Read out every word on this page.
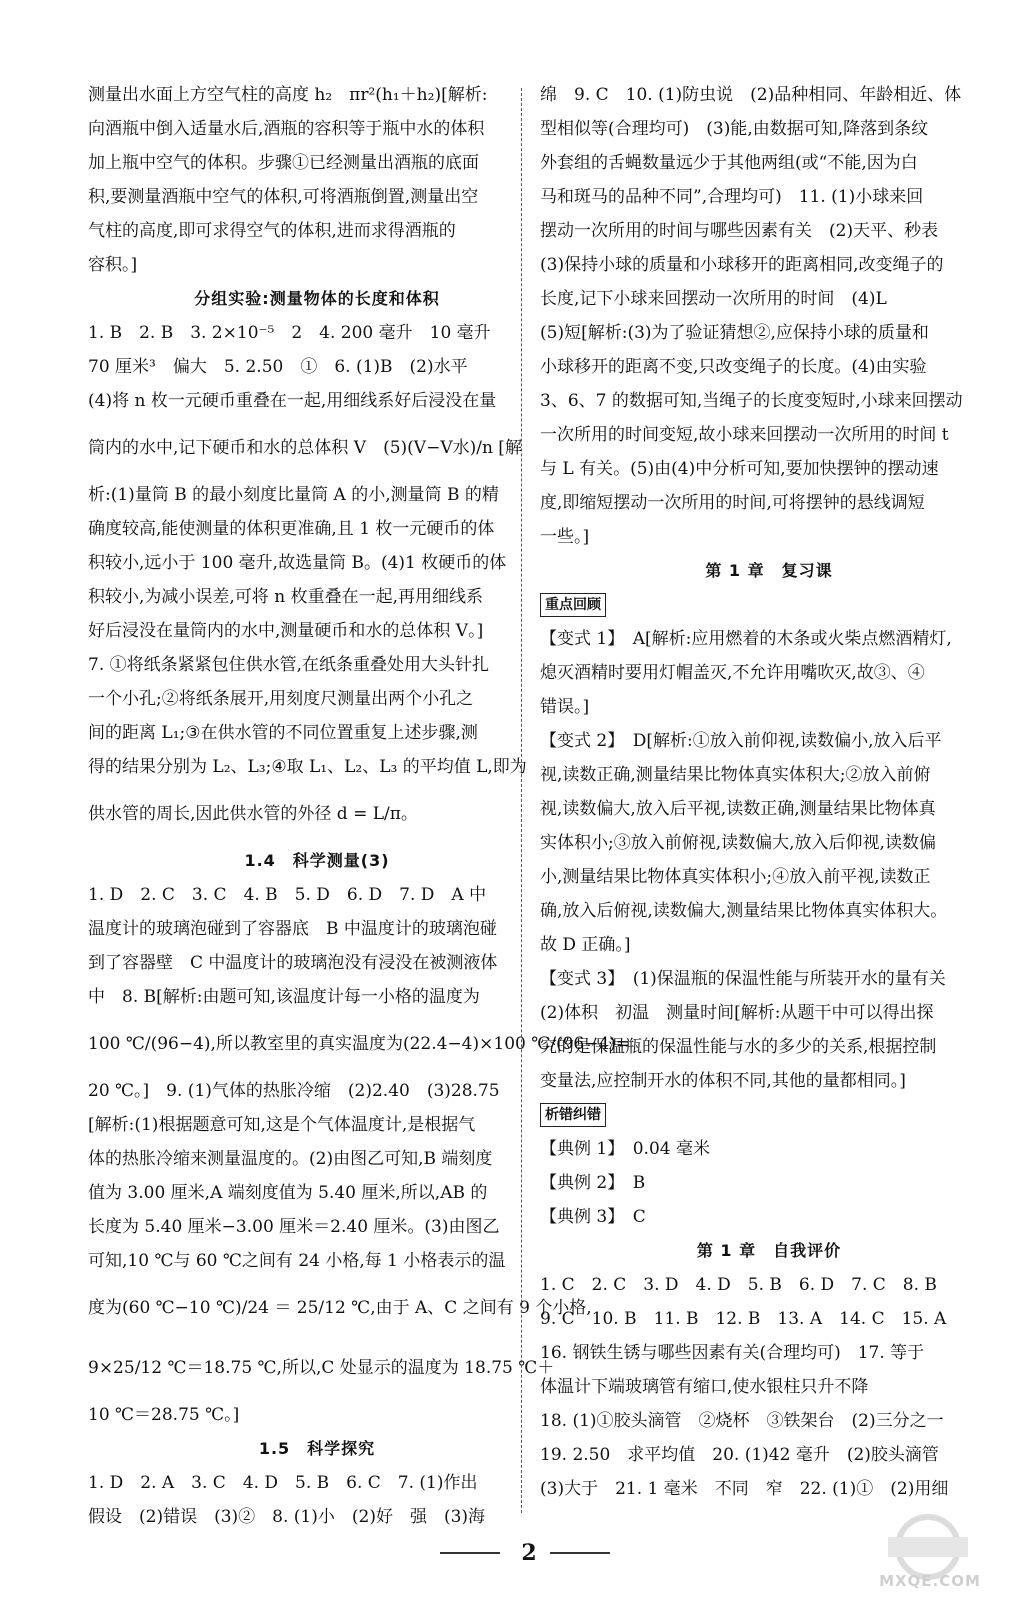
测量出水面上方空气柱的高度 h₂　πr²(h₁＋h₂)[解析:
向酒瓶中倒入适量水后,酒瓶的容积等于瓶中水的体积
加上瓶中空气的体积。步骤①已经测量出酒瓶的底面
积,要测量酒瓶中空气的体积,可将酒瓶倒置,测量出空
气柱的高度,即可求得空气的体积,进而求得酒瓶的
容积。]
分组实验:测量物体的长度和体积
1. B　2. B　3. 2×10⁻⁵　2　4. 200 毫升　10 毫升
70 厘米³　偏大　5. 2.50　①　6. (1)B　(2)水平
(4)将 n 枚一元硬币重叠在一起,用细线系好后浸没在量
筒内的水中,记下硬币和水的总体积 V　(5)(V−V水)/n [解
析:(1)量筒 B 的最小刻度比量筒 A 的小,测量筒 B 的精
确度较高,能使测量的体积更准确,且 1 枚一元硬币的体
积较小,远小于 100 毫升,故选量筒 B。(4)1 枚硬币的体
积较小,为减小误差,可将 n 枚重叠在一起,再用细线系
好后浸没在量筒内的水中,测量硬币和水的总体积 V。]
7. ①将纸条紧紧包住供水管,在纸条重叠处用大头针扎
一个小孔;②将纸条展开,用刻度尺测量出两个小孔之
间的距离 L₁;③在供水管的不同位置重复上述步骤,测
得的结果分别为 L₂、L₃;④取 L₁、L₂、L₃ 的平均值 L,即为
供水管的周长,因此供水管的外径 d = L/π。
1.4　科学测量(3)
1. D　2. C　3. C　4. B　5. D　6. D　7. D　A 中
温度计的玻璃泡碰到了容器底　B 中温度计的玻璃泡碰
到了容器壁　C 中温度计的玻璃泡没有浸没在被测液体
中　8. B[解析:由题可知,该温度计每一小格的温度为
100 ℃/(96−4),所以教室里的真实温度为(22.4−4)×100 ℃/(96−4)=
20 ℃。]　9. (1)气体的热胀冷缩　(2)2.40　(3)28.75
[解析:(1)根据题意可知,这是个气体温度计,是根据气
体的热胀冷缩来测量温度的。(2)由图乙可知,B 端刻度
值为 3.00 厘米,A 端刻度值为 5.40 厘米,所以,AB 的
长度为 5.40 厘米−3.00 厘米＝2.40 厘米。(3)由图乙
可知,10 ℃与 60 ℃之间有 24 小格,每 1 小格表示的温
度为(60 ℃−10 ℃)/24 ＝ 25/12 ℃,由于 A、C 之间有 9 个小格,
9×25/12 ℃＝18.75 ℃,所以,C 处显示的温度为 18.75 ℃＋
10 ℃＝28.75 ℃。]
1.5　科学探究
1. D　2. A　3. C　4. D　5. B　6. C　7. (1)作出
假设　(2)错误　(3)②　8. (1)小　(2)好　强　(3)海
绵　9. C　10. (1)防虫说　(2)品种相同、年龄相近、体
型相似等(合理均可)　(3)能,由数据可知,降落到条纹
外套组的舌蝇数量远少于其他两组(或“不能,因为白
马和斑马的品种不同”,合理均可)　11. (1)小球来回
摆动一次所用的时间与哪些因素有关　(2)天平、秒表
(3)保持小球的质量和小球移开的距离相同,改变绳子的
长度,记下小球来回摆动一次所用的时间　(4)L
(5)短[解析:(3)为了验证猜想②,应保持小球的质量和
小球移开的距离不变,只改变绳子的长度。(4)由实验
3、6、7 的数据可知,当绳子的长度变短时,小球来回摆动
一次所用的时间变短,故小球来回摆动一次所用的时间 t
与 L 有关。(5)由(4)中分析可知,要加快摆钟的摆动速
度,即缩短摆动一次所用的时间,可将摆钟的悬线调短
一些。]
第 1 章　复习课
重点回顾
【变式 1】　A[解析:应用燃着的木条或火柴点燃酒精灯,
熄灭酒精时要用灯帽盖灭,不允许用嘴吹灭,故③、④
错误。]
【变式 2】　D[解析:①放入前仰视,读数偏小,放入后平
视,读数正确,测量结果比物体真实体积大;②放入前俯
视,读数偏大,放入后平视,读数正确,测量结果比物体真
实体积小;③放入前俯视,读数偏大,放入后仰视,读数偏
小,测量结果比物体真实体积小;④放入前平视,读数正
确,放入后俯视,读数偏大,测量结果比物体真实体积大。
故 D 正确。]
【变式 3】　(1)保温瓶的保温性能与所装开水的量有关
(2)体积　初温　测量时间[解析:从题干中可以得出探
究的是保温瓶的保温性能与水的多少的关系,根据控制
变量法,应控制开水的体积不同,其他的量都相同。]
析错纠错
【典例 1】　0.04 毫米
【典例 2】　B
【典例 3】　C
第 1 章　自我评价
1. C　2. C　3. D　4. D　5. B　6. D　7. C　8. B
9. C　10. B　11. B　12. B　13. A　14. C　15. A
16. 钢铁生锈与哪些因素有关(合理均可)　17. 等于
体温计下端玻璃管有缩口,使水银柱只升不降
18. (1)①胶头滴管　②烧杯　③铁架台　(2)三分之一
19. 2.50　求平均值　20. (1)42 毫升　(2)胶头滴管
(3)大于　21. 1 毫米　不同　窄　22. (1)①　(2)用细
2
MXQE.COM
